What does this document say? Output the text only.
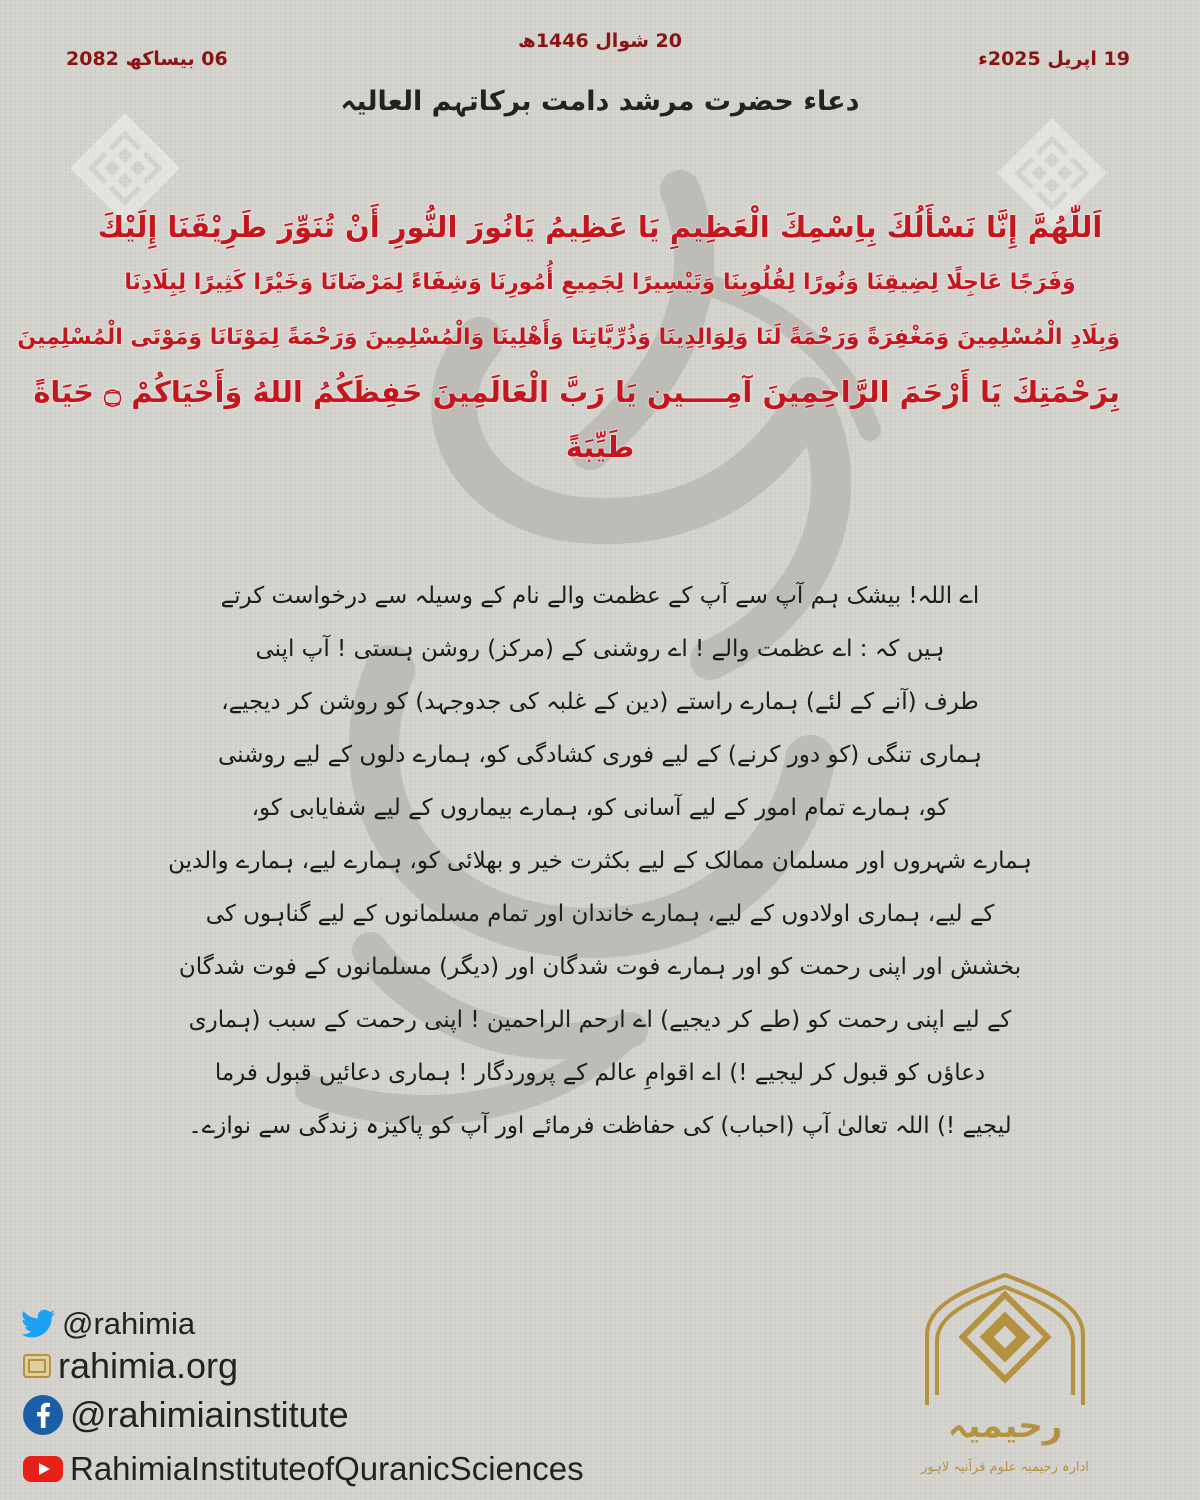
20 شوال 1446ھ
19 اپریل 2025ء
06 بیساکھ 2082
دعاء حضرت مرشد دامت برکاتہم العالیہ
اَللّٰهُمَّ إِنَّا نَسْأَلُكَ بِاِسْمِكَ الْعَظِيمِ يَا عَظِيمُ يَانُورَ النُّورِ أَنْ تُنَوِّرَ طَرِيْقَنَا إِلَيْكَ
وَفَرَجًا عَاجِلًا لِضِيقِنَا وَنُورًا لِقُلُوبِنَا وَتَيْسِيرًا لِجَمِيعِ أُمُورِنَا وَشِفَاءً لِمَرْضَانَا وَخَيْرًا كَثِيرًا لِبِلَادِنَا
وَبِلَادِ الْمُسْلِمِينَ وَمَغْفِرَةً وَرَحْمَةً لَنَا وَلِوَالِدِينَا وَذُرِّيَّاتِنَا وَأَهْلِينَا وَالْمُسْلِمِينَ وَرَحْمَةً لِمَوْتَانَا وَمَوْتَى الْمُسْلِمِينَ
بِرَحْمَتِكَ يَا أَرْحَمَ الرَّاحِمِينَ آمِــــين يَا رَبَّ الْعَالَمِينَ حَفِظَكُمُ اللهُ وَأَحْيَاكُمْ ۝ حَيَاةً
طَيِّبَةً
اے اللہ! بیشک ہم آپ سے آپ کے عظمت والے نام کے وسیلہ سے درخواست کرتے
ہیں کہ : اے عظمت والے ! اے روشنی کے (مرکز) روشن ہستی ! آپ اپنی
طرف (آنے کے لئے) ہمارے راستے (دین کے غلبہ کی جدوجہد) کو روشن کر دیجیے،
ہماری تنگی (کو دور کرنے) کے لیے فوری کشادگی کو، ہمارے دلوں کے لیے روشنی
کو، ہمارے تمام امور کے لیے آسانی کو، ہمارے بیماروں کے لیے شفایابی کو،
ہمارے شہروں اور مسلمان ممالک کے لیے بکثرت خیر و بھلائی کو، ہمارے لیے، ہمارے والدین
کے لیے، ہماری اولادوں کے لیے، ہمارے خاندان اور تمام مسلمانوں کے لیے گناہوں کی
بخشش اور اپنی رحمت کو اور ہمارے فوت شدگان اور (دیگر) مسلمانوں کے فوت شدگان
کے لیے اپنی رحمت کو (طے کر دیجیے) اے ارحم الراحمین ! اپنی رحمت کے سبب (ہماری
دعاؤں کو قبول کر لیجیے !) اے اقوامِ عالم کے پروردگار ! ہماری دعائیں قبول فرما
لیجیے !) اللہ تعالیٰ آپ (احباب) کی حفاظت فرمائے اور آپ کو پاکیزہ زندگی سے نوازے۔
@rahimia
rahimia.org
@rahimiainstitute
RahimiaInstituteofQuranicSciences
رحیمیہ
ادارہ رحیمیہ علوم قرآنیہ لاہور
